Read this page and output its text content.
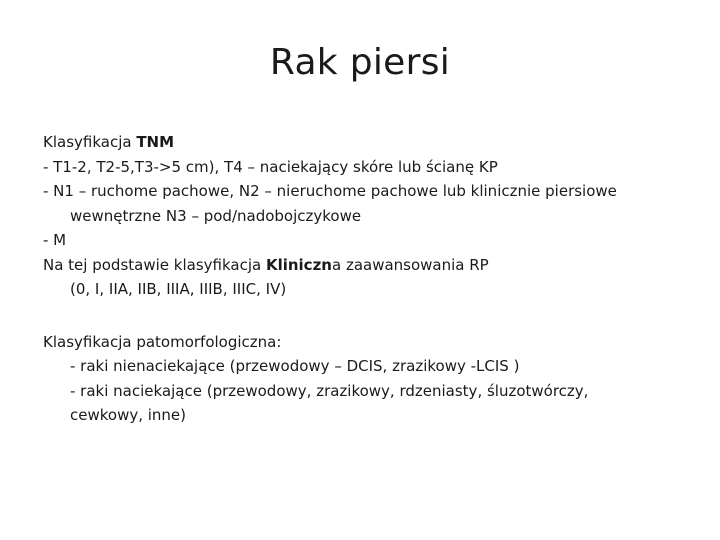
Rak piersi
Klasyfikacja TNM
- T1-2, T2-5,T3->5 cm), T4 – naciekający skóre lub ścianę KP
- N1 – ruchome pachowe, N2 – nieruchome pachowe lub klinicznie piersiowe
wewnętrzne N3 – pod/nadobojczykowe
- M
Na tej podstawie klasyfikacja Kliniczna zaawansowania RP
(0, I, IIA, IIB, IIIA, IIIB, IIIC, IV)
Klasyfikacja patomorfologiczna:
- raki nienaciekające (przewodowy – DCIS, zrazikowy -LCIS )
- raki naciekające (przewodowy, zrazikowy, rdzeniasty, śluzotwórczy,
cewkowy, inne)
